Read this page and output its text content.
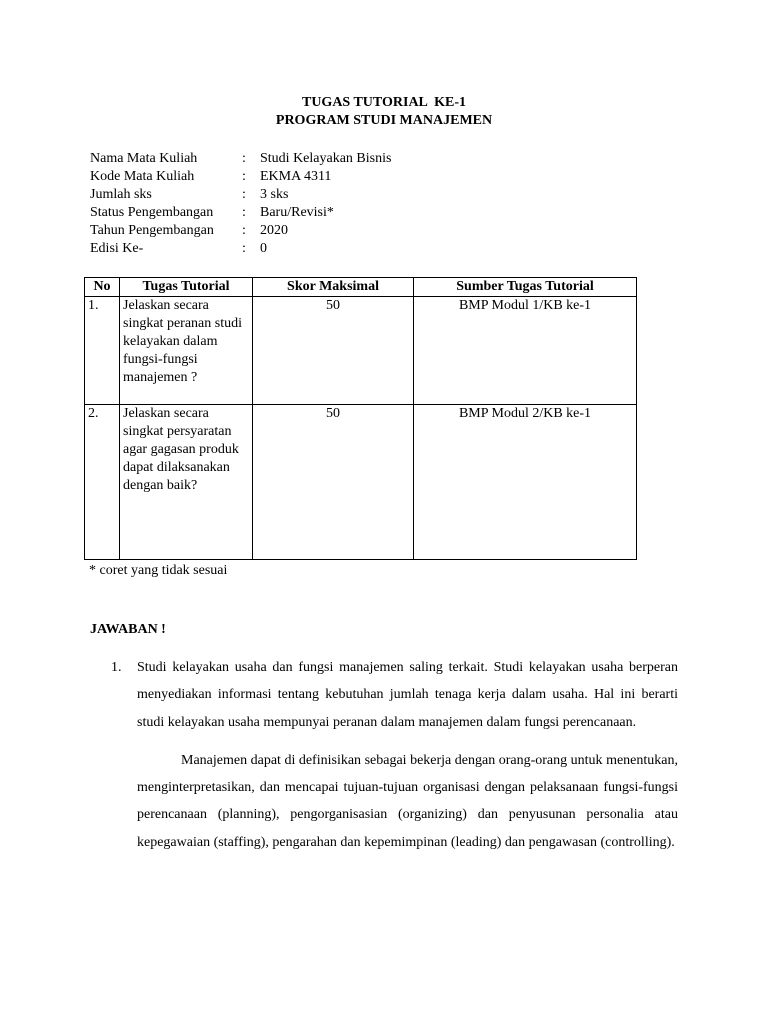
TUGAS TUTORIAL  KE-1
PROGRAM STUDI MANAJEMEN
Nama Mata Kuliah	: Studi Kelayakan Bisnis
Kode Mata Kuliah	: EKMA 4311
Jumlah sks	: 3 sks
Status Pengembangan : Baru/Revisi*
Tahun Pengembangan : 2020
Edisi Ke-	: 0
No	Tugas Tutorial	Skor Maksimal	Sumber Tugas Tutorial
1.	Jelaskan secara singkat peranan studi kelayakan dalam fungsi-fungsi manajemen ?	50	BMP Modul 1/KB ke-1
2.	Jelaskan secara singkat persyaratan agar gagasan produk dapat dilaksanakan dengan baik?	50	BMP Modul 2/KB ke-1
* coret yang tidak sesuai
JAWABAN !
1. Studi kelayakan usaha dan fungsi manajemen saling terkait. Studi kelayakan usaha berperan menyediakan informasi tentang kebutuhan jumlah tenaga kerja dalam usaha. Hal ini berarti studi kelayakan usaha mempunyai peranan dalam manajemen dalam fungsi perencanaan.

Manajemen dapat di definisikan sebagai bekerja dengan orang-orang untuk menentukan, menginterpretasikan, dan mencapai tujuan-tujuan organisasi dengan pelaksanaan fungsi-fungsi perencanaan (planning), pengorganisasian (organizing) dan penyusunan personalia atau kepegawaian (staffing), pengarahan dan kepemimpinan (leading) dan pengawasan (controlling).
